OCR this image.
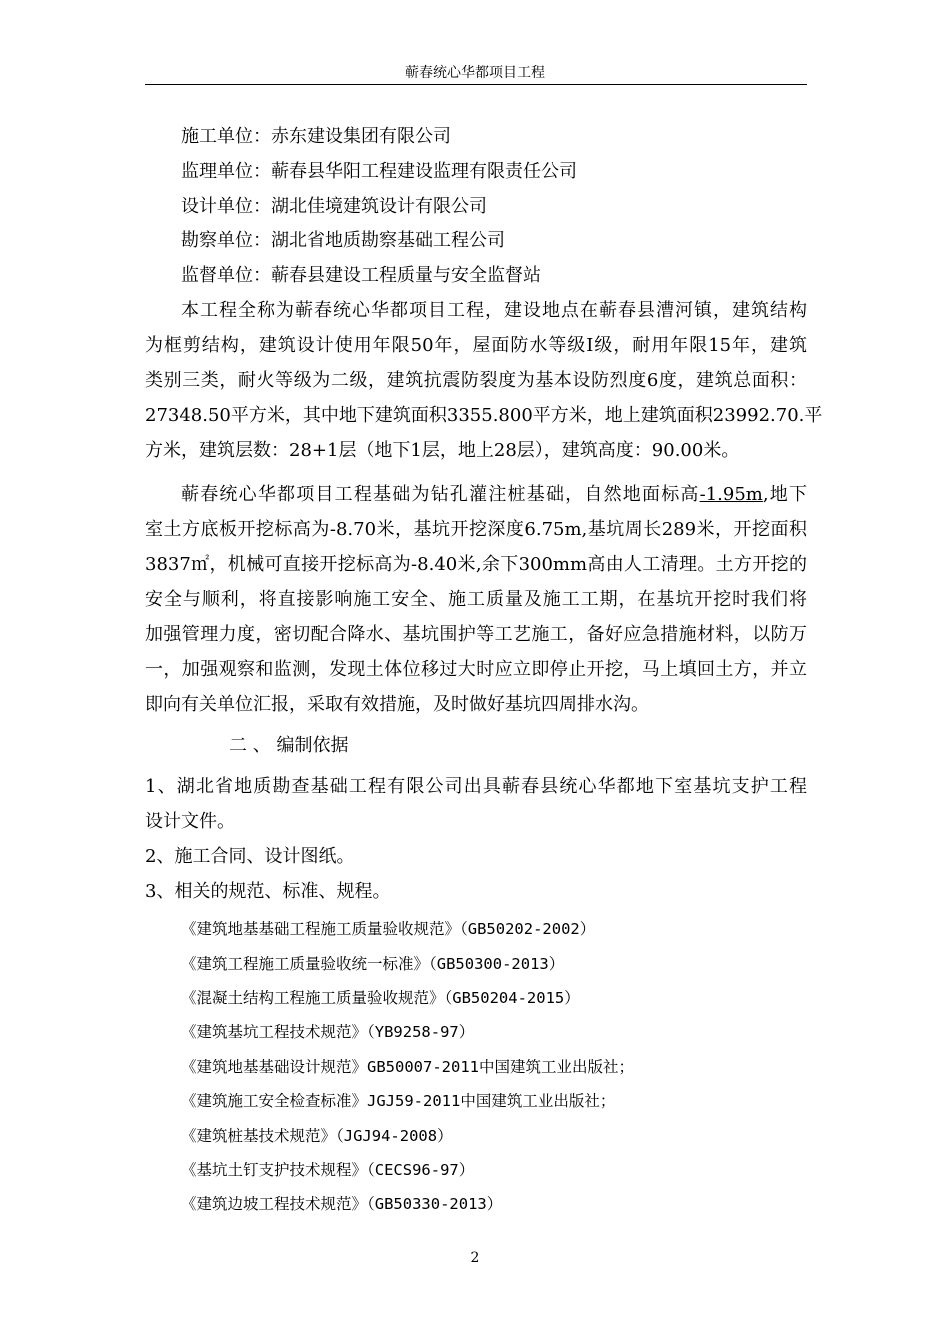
蕲春统心华都项目工程
施工单位：赤东建设集团有限公司
监理单位：蕲春县华阳工程建设监理有限责任公司
设计单位：湖北佳境建筑设计有限公司
勘察单位：湖北省地质勘察基础工程公司
监督单位：蕲春县建设工程质量与安全监督站
本工程全称为蕲春统心华都项目工程，建设地点在蕲春县漕河镇，建筑结构
为框剪结构，建筑设计使用年限50年，屋面防水等级Ⅰ级，耐用年限15年，建筑
类别三类，耐火等级为二级，建筑抗震防裂度为基本设防烈度6度，建筑总面积：
27348.50平方米，其中地下建筑面积3355.800平方米，地上建筑面积23992.70.平
方米，建筑层数：28+1层（地下1层，地上28层），建筑高度：90.00米。
蕲春统心华都项目工程基础为钻孔灌注桩基础，自然地面标高-1.95m,地下
室土方底板开挖标高为-8.70米，基坑开挖深度6.75m,基坑周长289米，开挖面积
3837㎡，机械可直接开挖标高为-8.40米,余下300mm高由人工清理。土方开挖的
安全与顺利，将直接影响施工安全、施工质量及施工工期，在基坑开挖时我们将
加强管理力度，密切配合降水、基坑围护等工艺施工，备好应急措施材料，以防万
一，加强观察和监测，发现土体位移过大时应立即停止开挖，马上填回土方，并立
即向有关单位汇报，采取有效措施，及时做好基坑四周排水沟。
二 、 编制依据
1、湖北省地质勘查基础工程有限公司出具蕲春县统心华都地下室基坑支护工程
设计文件。
2、施工合同、设计图纸。
3、相关的规范、标准、规程。
《建筑地基基础工程施工质量验收规范》（GB50202-2002）
《建筑工程施工质量验收统一标准》（GB50300-2013）
《混凝土结构工程施工质量验收规范》（GB50204-2015）
《建筑基坑工程技术规范》（YB9258-97）
《建筑地基基础设计规范》GB50007-2011中国建筑工业出版社；
《建筑施工安全检查标准》JGJ59-2011中国建筑工业出版社；
《建筑桩基技术规范》（JGJ94-2008）
《基坑土钉支护技术规程》（CECS96-97）
《建筑边坡工程技术规范》（GB50330-2013）
2
